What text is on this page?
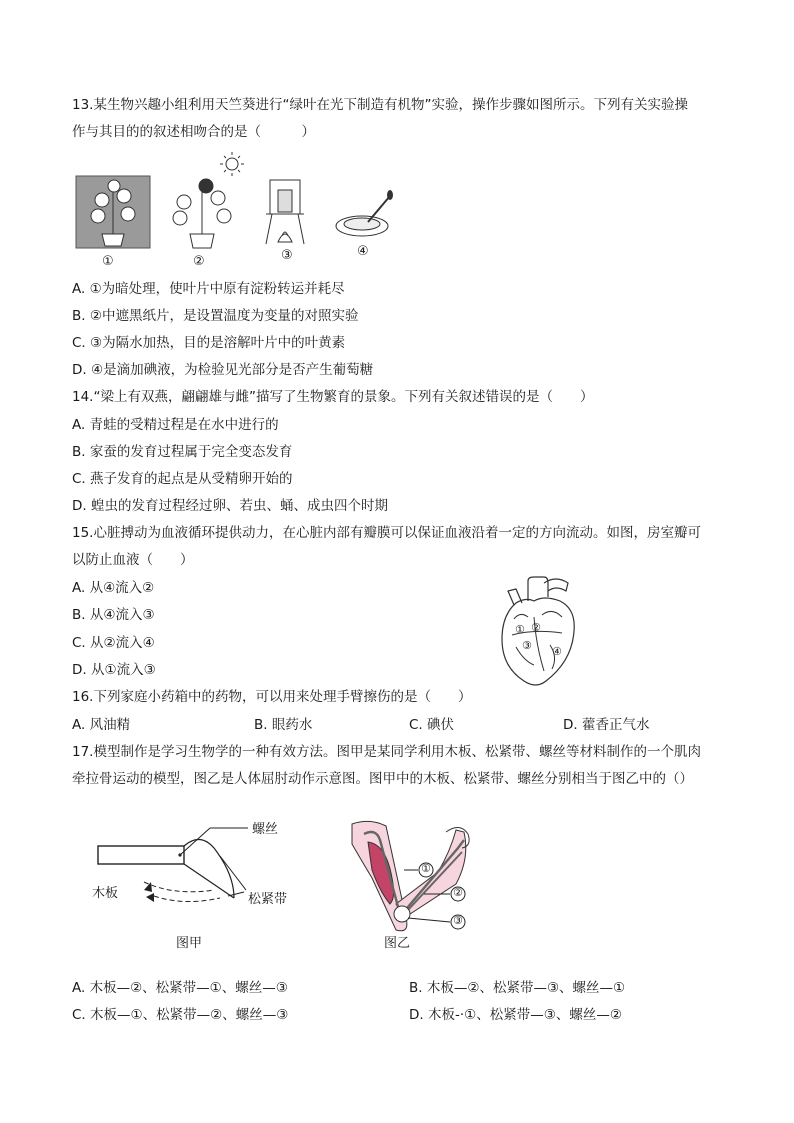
13.某生物兴趣小组利用天竺葵进行“绿叶在光下制造有机物”实验，操作步骤如图所示。下列有关实验操
作与其目的的叙述相吻合的是（　　　）
①	②	③	④
A. ①为暗处理，使叶片中原有淀粉转运并耗尽
B. ②中遮黑纸片，是设置温度为变量的对照实验
C. ③为隔水加热，目的是溶解叶片中的叶黄素
D. ④是滴加碘液，为检验见光部分是否产生葡萄糖
14.“梁上有双燕，翩翩雄与雌”描写了生物繁育的景象。下列有关叙述错误的是（　　）
A. 青蛙的受精过程是在水中进行的
B. 家蚕的发育过程属于完全变态发育
C. 燕子发育的起点是从受精卵开始的
D. 蝗虫的发育过程经过卵、若虫、蛹、成虫四个时期
15.心脏搏动为血液循环提供动力，在心脏内部有瓣膜可以保证血液沿着一定的方向流动。如图，房室瓣可
以防止血液（　　）
A. 从④流入②
B. 从④流入③
C. 从②流入④
D. 从①流入③
① ②
③ ④
16.下列家庭小药箱中的药物，可以用来处理手臂擦伤的是（　　）
A. 风油精	B. 眼药水	C. 碘伏	D. 藿香正气水
17.模型制作是学习生物学的一种有效方法。图甲是某同学利用木板、松紧带、螺丝等材料制作的一个肌肉
牵拉骨运动的模型，图乙是人体屈肘动作示意图。图甲中的木板、松紧带、螺丝分别相当于图乙中的（）
螺丝
木板	松紧带
图甲
①
②
③
图乙
A. 木板—②、松紧带—①、螺丝—③	B. 木板—②、松紧带—③、螺丝—①
C. 木板—①、松紧带—②、螺丝—③	D. 木板-·①、松紧带—③、螺丝—②
